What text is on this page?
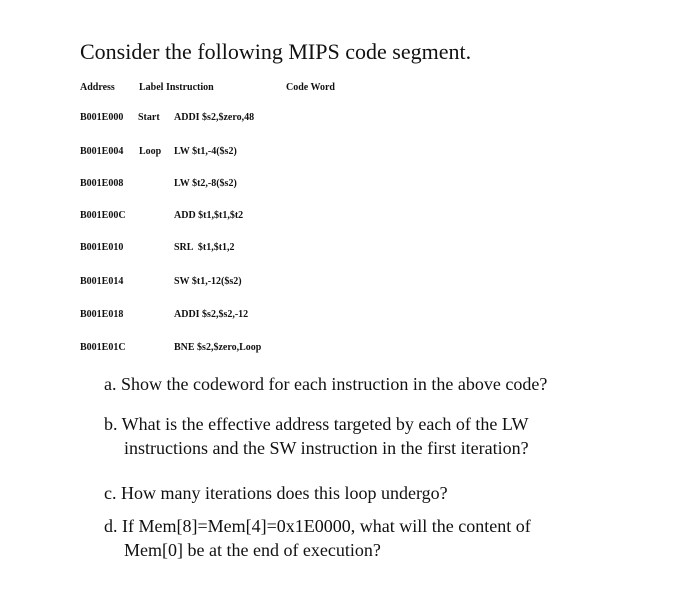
Consider the following MIPS code segment.
Address Label Instruction	Code Word
B001E000 Start ADDI $s2,$zero,48
B001E004 Loop LW $t1,-4($s2)
B001E008	LW $t2,-8($s2)
B001E00C	ADD $t1,$t1,$t2
B001E010	SRL  $t1,$t1,2
B001E014	SW $t1,-12($s2)
B001E018	ADDI $s2,$s2,-12
B001E01C	BNE $s2,$zero,Loop
a. Show the codeword for each instruction in the above code?
b. What is the effective address targeted by each of the LW
instructions and the SW instruction in the first iteration?
c. How many iterations does this loop undergo?
d. If Mem[8]=Mem[4]=0x1E0000, what will the content of
Mem[0] be at the end of execution?
